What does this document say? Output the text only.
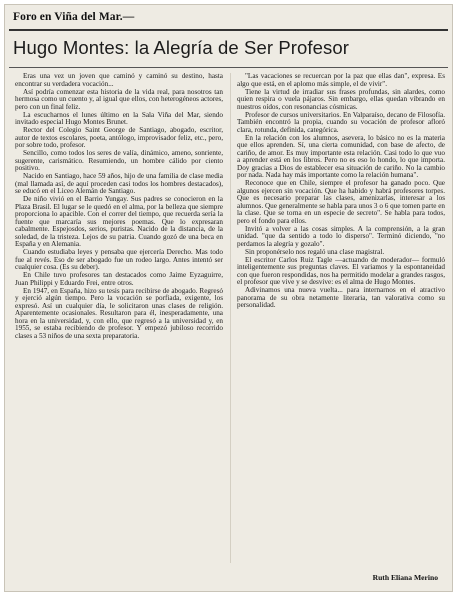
Foro en Viña del Mar.—
Hugo Montes: la Alegría de Ser Profesor

Eras una vez un joven que caminó y caminó su destino, hasta encontrar su verdadera vocación...

Así podría comenzar esta historia de la vida real, para nosotros tan hermosa como un cuento y, al igual que ellos, con heterogéneos actores, pero con un final feliz.

La escucharnos el lunes último en la Sala Viña del Mar, siendo invitado especial Hugo Montes Brunet.

Rector del Colegio Saint George de Santiago, abogado, escritor, autor de textos escolares, poeta, antólogo, improvisador feliz, etc., pero, por sobre todo, profesor.

Sencillo, como todos los seres de valía, dinámico, ameno, sonriente, sugerente, carismático. Resumiendo, un hombre cálido por ciento positivo.

Nacido en Santiago, hace 59 años, hijo de una familia de clase media (mal llamada así, de aquí proceden casi todos los hombres destacados), se educó en el Liceo Alemán de Santiago.

De niño vivió en el Barrio Yungay. Sus padres se conocieron en la Plaza Brasil. El lugar se le quedó en el alma, por la belleza que siempre proporciona lo apacible. Con el correr del tiempo, que recuerda sería la fuente que marcaría sus mejores poemas. Que lo expresaran cabalmente. Espejosdos, serios, puristas. Nacido de la distancia, de la soledad, de la tristeza. Lejos de su patria. Cuando gozó de una beca en España y en Alemania.

Cuando estudiaba leyes y pensaba que ejercería Derecho. Mas todo fue al revés. Eso de ser abogado fue un rodeo largo. Antes intentó ser cualquier cosa. (Es su deber).

En Chile tuvo profesores tan destacados como Jaime Eyzaguirre, Juan Philippi y Eduardo Frei, entre otros.

En 1947, en España, hizo su tesis para recibirse de abogado. Regresó y ejerció algún tiempo. Pero la vocación se porfiada, exigente, los expresó. Así un cualquier día, le solicitaron unas clases de religión. Aparentemente ocasionales. Resultaron para él, inesperadamente, una hora en la universidad, y, con ello, que regresó a la universidad y, en 1955, se estaba recibiendo de profesor. Y empezó jubiloso recorrido clases a 53 niños de una sexta preparatoria.

"Las vacaciones se recuercan por la paz que ellas dan", expresa. Es algo que está, en el aplomo más simple, el de vivir".

Tiene la virtud de irradiar sus frases profundas, sin alardes, como quien respira o vuela pájaros. Sin embargo, ellas quedan vibrando en nuestros oídos, con resonancias cósmicas.

Profesor de cursos universitarios. En Valparaíso, decano de Filosofía. También encontró la propia, cuando su vocación de profesor afloró clara, rotunda, definida, categórica.

En la relación con los alumnos, asevera, lo básico no es la materia que ellos aprenden. Sí, una cierta comunidad, con base de afecto, de cariño, de amor. Es muy importante esta relación. Casi todo lo que vuo a aprender está en los libros. Pero no es eso lo hondo, lo que importa. Doy gracias a Dios de establecer esa situación de cariño. No la cambio por nada. Nada hay más importante como la relación humana".

Reconoce que en Chile, siempre el profesor ha ganado poco. Que algunos ejercen sin vocación. Que ha habido y habrá profesores torpes. Que es necesario preparar las clases, amenizarlas, interesar a los alumnos. Que generalmente se habla para unos 3 o 6 que tomen parte en la clase. Que se torna en un especie de secreto". Se habla para todos, pero el fondo para ellos.

Invitó a volver a las cosas simples. A la comprensión, a la gran unidad. "que da sentido a todo lo disperso". Terminó diciendo, "no perdamos la alegría y gozalo".

Sin proponérselo nos regaló una clase magistral.

El escritor Carlos Ruiz Tagle —actuando de moderador— formuló inteligentemente sus preguntas claves. El variamos y la espontaneidad con que fueron respondidas, nos ha permitido modelar a grandes rasgos, el profesor que vive y se desvive: es el alma de Hugo Montes.

Adivinamos una nueva vuelta... para internarnos en el atractivo panorama de su obra netamente literaria, tan valorativa como su personalidad.

Ruth Eliana Merino
